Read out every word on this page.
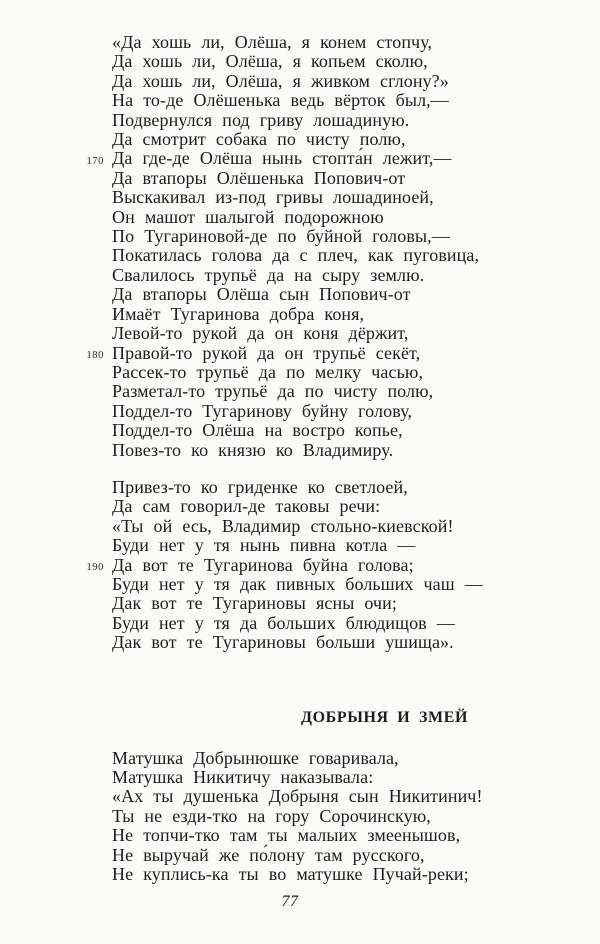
«Да хошь ли, Олёша, я конем стопчу,
Да хошь ли, Олёша, я копьем сколю,
Да хошь ли, Олёша, я живком сглону?»
На то-де Олёшенька ведь вёрток был,—
Подвернулся под гриву лошадиную.
Да смотрит собака по чисту полю,
170 Да где-де Олёша нынь стопта́н лежит,—
Да втапоры Олёшенька Попович-от
Выскакивал из-под гривы лошадиноей,
Он машот шалыгой подорожною
По Тугариновой-де по буйной головы,—
Покатилась голова да с плеч, как пуговица,
Свалилось трупьё да на сыру землю.
Да втапоры Олёша сын Попович-от
Имаёт Тугаринова добра коня,
Левой-то рукой да он коня дёржит,
180 Правой-то рукой да он трупьё секёт,
Рассек-то трупьё да по мелку часью,
Разметал-то трупьё да по чисту полю,
Поддел-то Тугаринову буйну голову,
Поддел-то Олёша на востро копье,
Повез-то ко князю ко Владимиру.
Привез-то ко гриденке ко светлоей,
Да сам говорил-де таковы речи:
«Ты ой есь, Владимир стольно-киевской!
Буди нет у тя нынь пивна котла —
190 Да вот те Тугаринова буйна голова;
Буди нет у тя дак пивных больших чаш —
Дак вот те Тугариновы ясны очи;
Буди нет у тя да больших блюдищов —
Дак вот те Тугариновы больши ушища».
ДОБРЫНЯ И ЗМЕЙ
Матушка Добрынюшке говаривала,
Матушка Никитичу наказывала:
«Ах ты душенька Добрыня сын Никитинич!
Ты не езди-тко на гору Сорочинскую,
Не топчи-тко там ты малыих змеенышов,
Не выручай же по́лону там русского,
Не куплись-ка ты во матушке Пучай-реки;
77
